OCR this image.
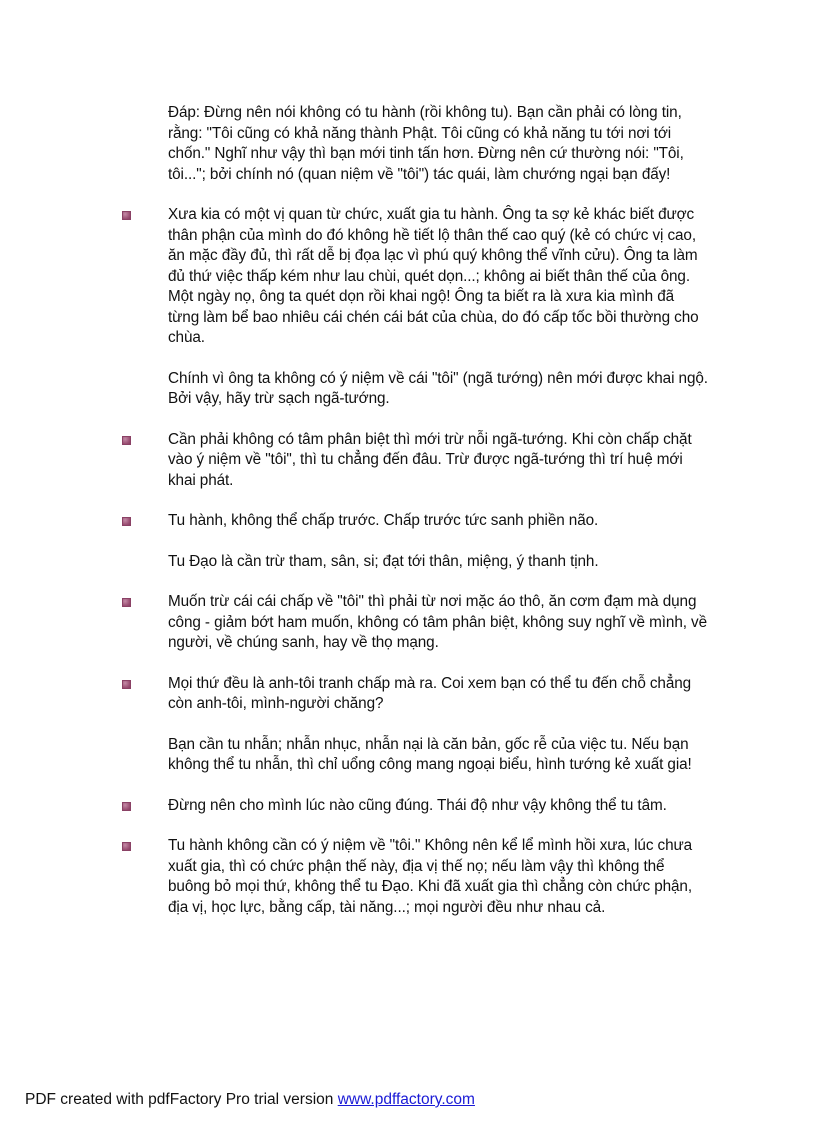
Đáp: Đừng nên nói không có tu hành (rồi không tu). Bạn cần phải có lòng tin, rằng: "Tôi cũng có khả năng thành Phật. Tôi cũng có khả năng tu tới nơi tới chốn." Nghĩ như vậy thì bạn mới tinh tấn hơn. Đừng nên cứ thường nói: "Tôi, tôi..."; bởi chính nó (quan niệm về "tôi") tác quái, làm chướng ngại bạn đấy!

Xưa kia có một vị quan từ chức, xuất gia tu hành. Ông ta sợ kẻ khác biết được thân phận của mình do đó không hề tiết lộ thân thế cao quý (kẻ có chức vị cao, ăn mặc đầy đủ, thì rất dễ bị đọa lạc vì phú quý không thể vĩnh cửu). Ông ta làm đủ thứ việc thấp kém như lau chùi, quét dọn...; không ai biết thân thế của ông. Một ngày nọ, ông ta quét dọn rồi khai ngộ! Ông ta biết ra là xưa kia mình đã từng làm bể bao nhiêu cái chén cái bát của chùa, do đó cấp tốc bồi thường cho chùa.

Chính vì ông ta không có ý niệm về cái "tôi" (ngã tướng) nên mới được khai ngộ. Bởi vậy, hãy trừ sạch ngã-tướng.

Cần phải không có tâm phân biệt thì mới trừ nỗi ngã-tướng. Khi còn chấp chặt vào ý niệm về "tôi", thì tu chẳng đến đâu. Trừ được ngã-tướng thì trí huệ mới khai phát.

Tu hành, không thể chấp trước. Chấp trước tức sanh phiền não.

Tu Đạo là cần trừ tham, sân, si; đạt tới thân, miệng, ý thanh tịnh.

Muốn trừ cái cái chấp về "tôi" thì phải từ nơi mặc áo thô, ăn cơm đạm mà dụng công - giảm bớt ham muốn, không có tâm phân biệt, không suy nghĩ về mình, về người, về chúng sanh, hay về thọ mạng.

Mọi thứ đều là anh-tôi tranh chấp mà ra. Coi xem bạn có thể tu đến chỗ chẳng còn anh-tôi, mình-người chăng?

Bạn cần tu nhẫn; nhẫn nhục, nhẫn nại là căn bản, gốc rễ của việc tu. Nếu bạn không thể tu nhẫn, thì chỉ uổng công mang ngoại biểu, hình tướng kẻ xuất gia!

Đừng nên cho mình lúc nào cũng đúng. Thái độ như vậy không thể tu tâm.

Tu hành không cần có ý niệm về "tôi." Không nên kể lể mình hồi xưa, lúc chưa xuất gia, thì có chức phận thế này, địa vị thế nọ; nếu làm vậy thì không thể buông bỏ mọi thứ, không thể tu Đạo. Khi đã xuất gia thì chẳng còn chức phận, địa vị, học lực, bằng cấp, tài năng...; mọi người đều như nhau cả.

PDF created with pdfFactory Pro trial version www.pdffactory.com
